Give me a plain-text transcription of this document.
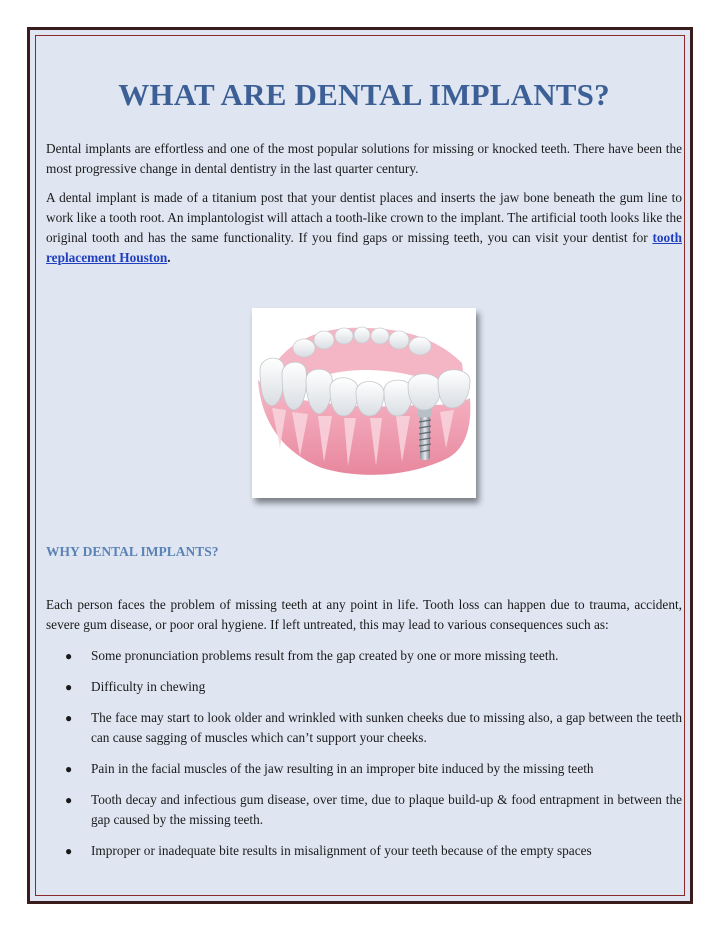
WHAT ARE DENTAL IMPLANTS?

Dental implants are effortless and one of the most popular solutions for missing or knocked teeth. There have been the most progressive change in dental dentistry in the last quarter century.

A dental implant is made of a titanium post that your dentist places and inserts the jaw bone beneath the gum line to work like a tooth root. An implantologist will attach a tooth-like crown to the implant. The artificial tooth looks like the original tooth and has the same functionality. If you find gaps or missing teeth, you can visit your dentist for tooth replacement Houston.

WHY DENTAL IMPLANTS?

Each person faces the problem of missing teeth at any point in life. Tooth loss can happen due to trauma, accident, severe gum disease, or poor oral hygiene. If left untreated, this may lead to various consequences such as:

● Some pronunciation problems result from the gap created by one or more missing teeth.
● Difficulty in chewing
● The face may start to look older and wrinkled with sunken cheeks due to missing also, a gap between the teeth can cause sagging of muscles which can’t support your cheeks.
● Pain in the facial muscles of the jaw resulting in an improper bite induced by the missing teeth
● Tooth decay and infectious gum disease, over time, due to plaque build-up & food entrapment in between the gap caused by the missing teeth.
● Improper or inadequate bite results in misalignment of your teeth because of the empty spaces
